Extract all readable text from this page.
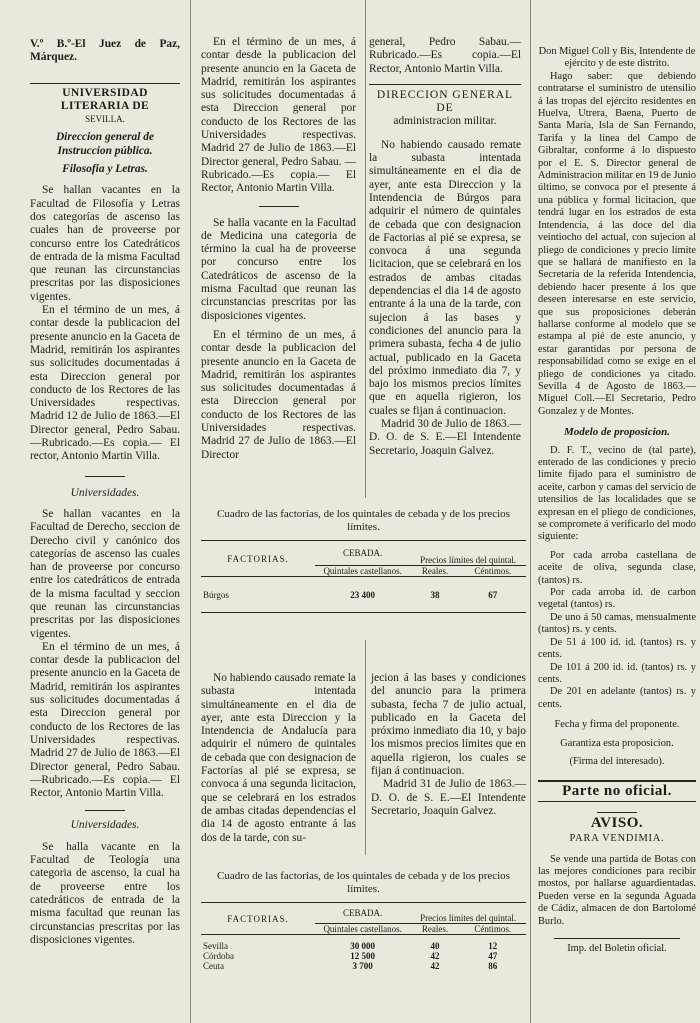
V.º B.º-El Juez de Paz, Márquez.

UNIVERSIDAD LITERARIA DE
SEVILLA.
Direccion general de Instruccion pública.
Filosofia y Letras.

Se hallan vacantes en la Facultad de Filosofía y Letras dos categorías de ascenso las cuales han de proveerse por concurso entre los Catedráticos de entrada de la misma Facultad que reunan las circunstancias prescritas por las disposiciones vigentes.

En el término de un mes, á contar desde la publicacion del presente anuncio en la Gaceta de Madrid, remitirán los aspirantes sus solicitudes documentadas á esta Direccion general por conducto de los Rectores de las Universidades respectivas. Madrid 12 de Julio de 1863.—El Director general, Pedro Sabau. —Rubricado.—Es copia.— El rector, Antonio Martin Villa.

Universidades.

Se hallan vacantes en la Facultad de Derecho, seccion de Derecho civil y canónico dos categorías de ascenso las cuales han de proveerse por concurso entre los catedráticos de entrada de la misma facultad y seccion que reunan las circunstancias prescritas por las disposiciones vigentes.

En el término de un mes, á contar desde la publicacion del presente anuncio en la Gaceta de Madrid, remitirán los aspirantes sus solicitudes documentadas á esta Direccion general por conducto de los Rectores de las Universidades respectivas. Madrid 27 de Julio de 1863.—El Director general, Pedro Sabau. —Rubricado.—Es copia.— El Rector, Antonio Martin Villa.

Universidades.

Se halla vacante en la Facultad de Teología una categoria de ascenso, la cual ha de proveerse entre los catedráticos de entrada de la misma facultad que reunan las circunstancias prescritas por las disposiciones vigentes.

En el término de un mes, á contar desde la publicacion del presente anuncio en la Gaceta de Madrid, remitirán los aspirantes sus solicitudes documentadas á esta Direccion general por conducto de los Rectores de las Universidades respectivas. Madrid 27 de Julio de 1863.—El Director general, Pedro Sabau. —Rubricado.—Es copia.— El Rector, Antonio Martin Villa.

Se halla vacante en la Facultad de Medicina una categoria de término la cual ha de proveerse por concurso entre los Catedráticos de ascenso de la misma Facultad que reunan las circunstancias prescritas por las disposiciones vigentes.

En el término de un mes, á contar desde la publicacion del presente anuncio en la Gaceta de Madrid, remitirán los aspirantes sus solicitudes documentadas á esta Direccion general por conducto de los Rectores de las Universidades respectivas. Madrid 27 de Julio de 1863.—El Director

general, Pedro Sabau.—Rubricado.—Es copia.—El Rector, Antonio Martin Villa.

DIRECCION GENERAL DE
administracion militar.

No habiendo causado remate la subasta intentada simultáneamente en el dia de ayer, ante esta Direccion y la Intendencia de Búrgos para adquirir el número de quintales de cebada que con designacion de Factorias al pié se expresa, se convoca á una segunda licitacion, que se celebrará en los estrados de ambas citadas dependencias el dia 14 de agosto entrante á la una de la tarde, con sujecion á las bases y condiciones del anuncio para la primera subasta, fecha 4 de julio actual, publicado en la Gaceta del próximo inmediato dia 7, y bajo los mismos precios límites que en aquella rigieron, los cuales se fijan á continuacion.

Madrid 30 de Julio de 1863.—D. O. de S. E.—El Intendente Secretario, Joaquin Galvez.

Cuadro de las factorías, de los quintales de cebada y de los precios límites.
FACTORIAS.	CEBADA.	Precios límites del quintal.	
	Quintales castellanos.	Reales.	Céntimos.
Búrgos	23 400	38	67

No habiendo causado remate la subasta intentada simultáneamente en el dia de ayer, ante esta Direccion y la Intendencia de Andalucía para adquirir el número de quintales de cebada que con designacion de Factorías al pié se expresa, se convoca á una segunda licitacion, que se celebrará en los estrados de ambas citadas dependencias el dia 14 de agosto entrante á las dos de la tarde, con su-

jecion á las bases y condiciones del anuncio para la primera subasta, fecha 7 de julio actual, publicado en la Gaceta del próximo inmediato dia 10, y bajo los mismos precios límites que en aquella rigieron, los cuales se fijan á continuacion.

Madrid 31 de Julio de 1863.—D. O. de S. E.—El Intendente Secretario, Joaquin Galvez.

Cuadro de las factorías, de los quintales de cebada y de los precios límites.
FACTORIAS.	CEBADA.	Precios límites del quintal.	
	Quintales castellanos.	Reales.	Céntimos.
Sevilla	30 000	40	12
Córdoba	12 500	42	47
Ceuta	3 700	42	86

Don Miguel Coll y Bis, Intendente de ejército y de este distrito.

Hago saber: que debiendo contratarse el suministro de utensilio á las tropas del ejército residentes en Huelva, Utrera, Baena, Puerto de Santa María, Isla de San Fernando, Tarifa y la línea del Campo de Gibraltar, conforme á lo dispuesto por el E. S. Director general de Administracion militar en 19 de Junio último, se convoca por el presente á una pública y formal licitacion, que tendrá lugar en los estrados de esta Intendencia, á las doce del dia veintiocho del actual, con sujecion al pliego de condiciones y precio límite que se hallará de manifiesto en la Secretaría de la referida Intendencia, debiendo hacer presente á los que deseen interesarse en este servicio, que sus proposiciones deberán hallarse conforme al modelo que se estampa al pié de este anuncio, y estar garantidas por persona de responsabilidad como se exige en el pliego de condiciones ya citado. Sevilla 4 de Agosto de 1863.—Miguel Coll.—El Secretario, Pedro Gonzalez y de Montes.

Modelo de proposicion.

D. F. T., vecino de (tal parte), enterado de las condiciones y precio límite fijado para el suministro de aceite, carbon y camas del servicio de utensilios de las localidades que se expresan en el pliego de condiciones, se compromete á verificarlo del modo siguiente:

Por cada arroba castellana de aceite de oliva, segunda clase, (tantos) rs.

Por cada arroba id. de carbon vegetal (tantos) rs.

De uno á 50 camas, mensualmente (tantos) rs. y cents.

De 51 á 100 id. id. (tantos) rs. y cents.

De 101 á 200 id. id. (tantos) rs. y cents.

De 201 en adelante (tantos) rs. y cents.

Fecha y firma del proponente.

Garantiza esta proposicion.

(Firma del interesado).

Parte no oficial.
AVISO.
PARA VENDIMIA.

Se vende una partida de Botas con las mejores condiciones para recibir mostos, por hallarse aguardientadas. Pueden verse en la segunda Aguada de Cádiz, almacen de don Bartolomé Burlo.

Imp. del Boletin oficial.
